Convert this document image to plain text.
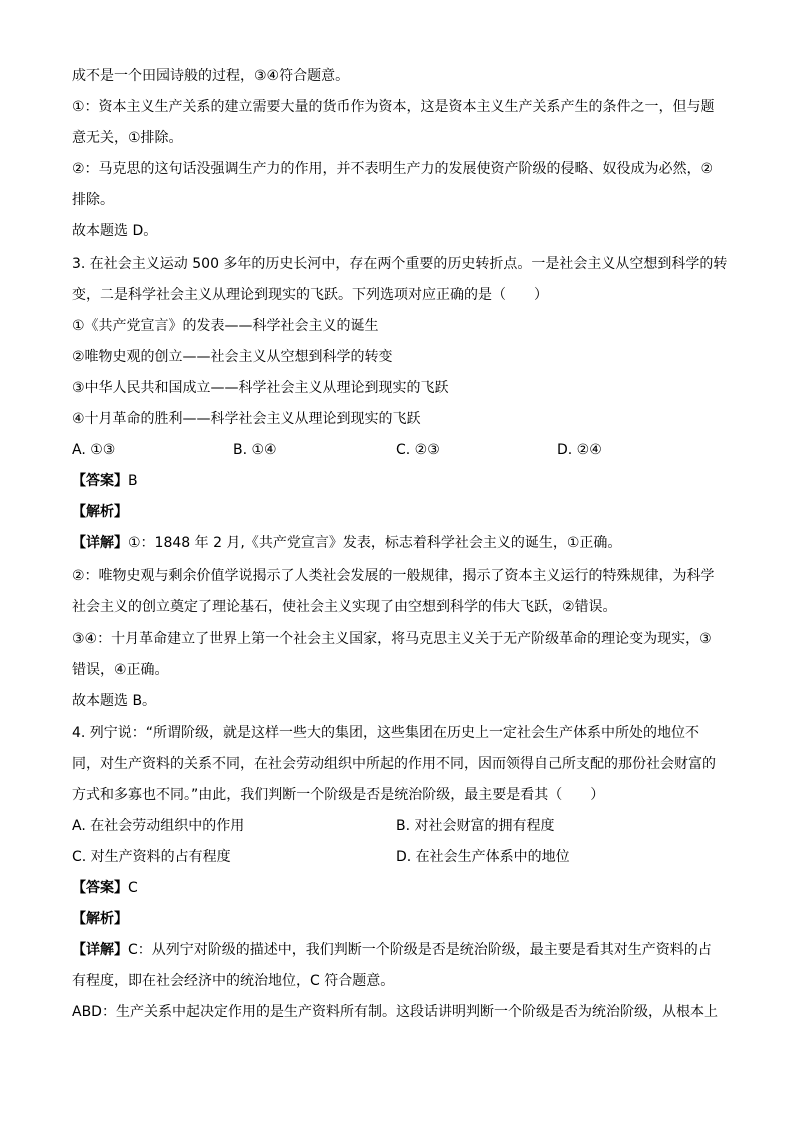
成不是一个田园诗般的过程，③④符合题意。
①：资本主义生产关系的建立需要大量的货币作为资本，这是资本主义生产关系产生的条件之一，但与题
意无关，①排除。
②：马克思的这句话没强调生产力的作用，并不表明生产力的发展使资产阶级的侵略、奴役成为必然，②
排除。
故本题选 D。
3. 在社会主义运动 500 多年的历史长河中，存在两个重要的历史转折点。一是社会主义从空想到科学的转
变，二是科学社会主义从理论到现实的飞跃。下列选项对应正确的是（　　）
①《共产党宣言》的发表——科学社会主义的诞生
②唯物史观的创立——社会主义从空想到科学的转变
③中华人民共和国成立——科学社会主义从理论到现实的飞跃
④十月革命的胜利——科学社会主义从理论到现实的飞跃
A. ①③	B. ①④	C. ②③	D. ②④
【答案】B
【解析】
【详解】①：1848 年 2 月,《共产党宣言》发表，标志着科学社会主义的诞生，①正确。
②：唯物史观与剩余价值学说揭示了人类社会发展的一般规律，揭示了资本主义运行的特殊规律，为科学
社会主义的创立奠定了理论基石，使社会主义实现了由空想到科学的伟大飞跃，②错误。
③④：十月革命建立了世界上第一个社会主义国家，将马克思主义关于无产阶级革命的理论变为现实，③
错误，④正确。
故本题选 B。
4. 列宁说：“所谓阶级，就是这样一些大的集团，这些集团在历史上一定社会生产体系中所处的地位不
同，对生产资料的关系不同，在社会劳动组织中所起的作用不同，因而领得自己所支配的那份社会财富的
方式和多寡也不同。”由此，我们判断一个阶级是否是统治阶级，最主要是看其（　　）
A. 在社会劳动组织中的作用	B. 对社会财富的拥有程度
C. 对生产资料的占有程度	D. 在社会生产体系中的地位
【答案】C
【解析】
【详解】C：从列宁对阶级的描述中，我们判断一个阶级是否是统治阶级，最主要是看其对生产资料的占
有程度，即在社会经济中的统治地位，C 符合题意。
ABD：生产关系中起决定作用的是生产资料所有制。这段话讲明判断一个阶级是否为统治阶级，从根本上
